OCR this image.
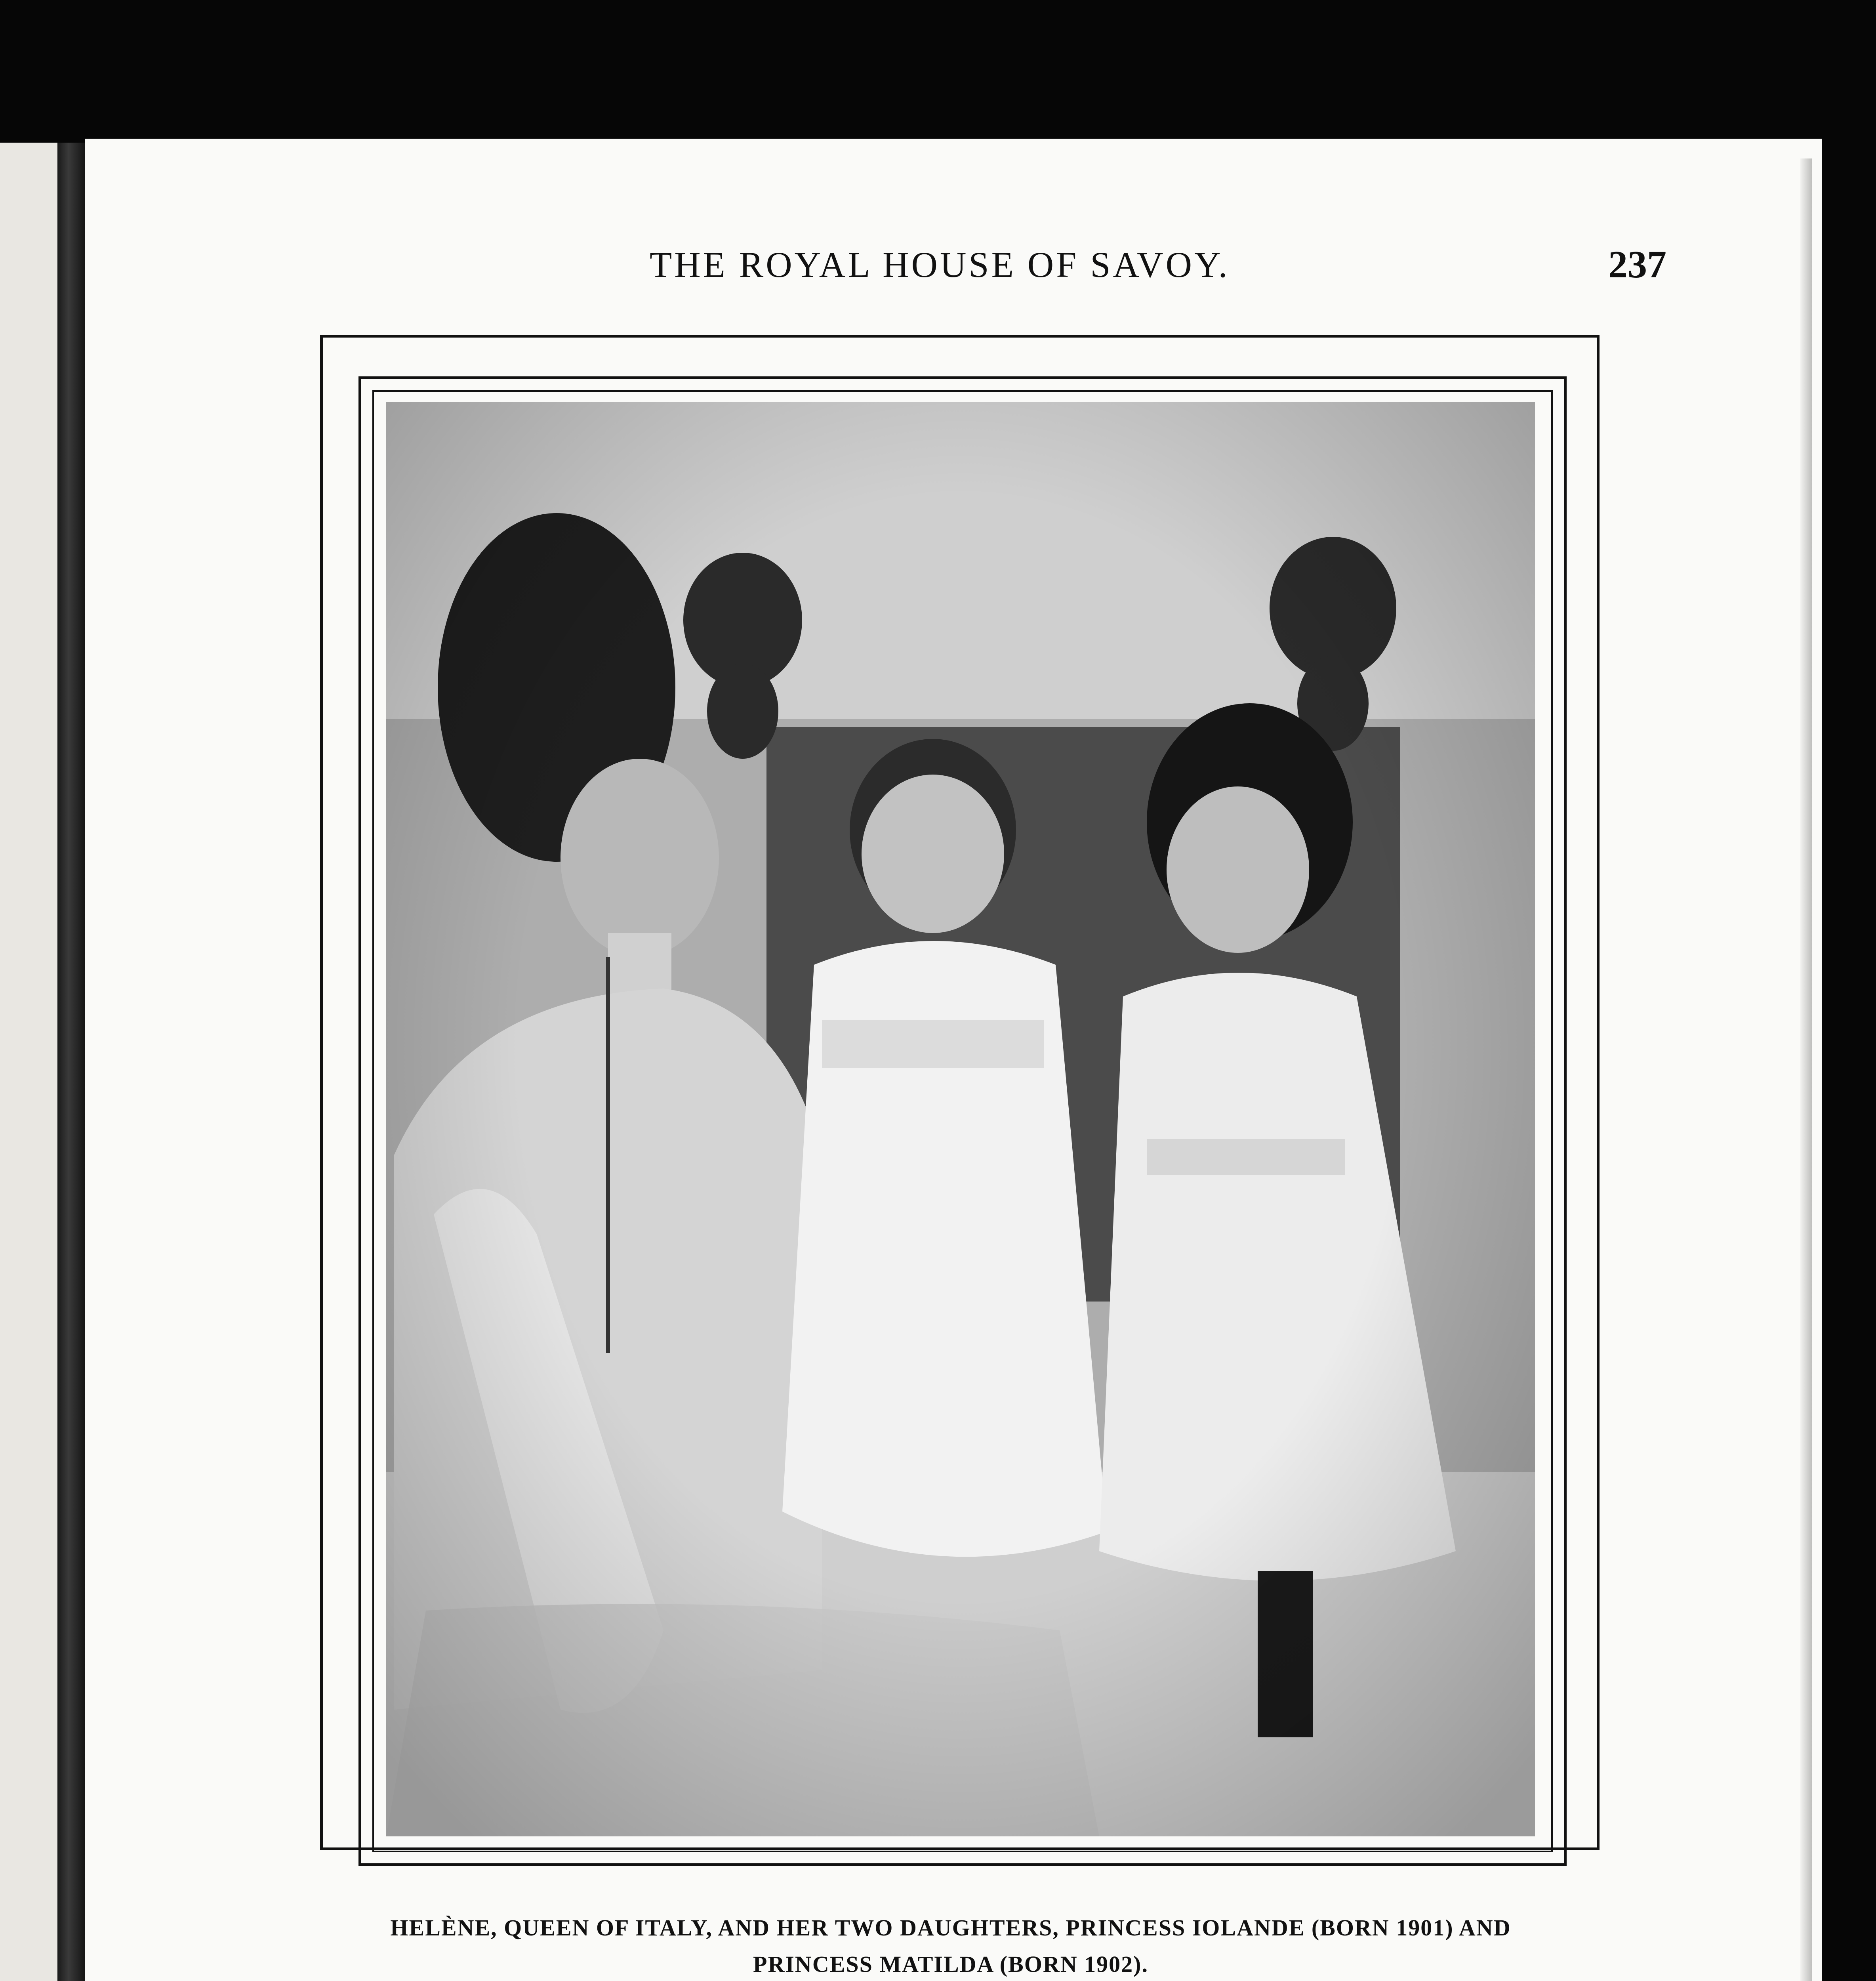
THE ROYAL HOUSE OF SAVOY.	237
HELÈNE, QUEEN OF ITALY, AND HER TWO DAUGHTERS, PRINCESS IOLANDE (BORN 1901) AND
PRINCESS MATILDA (BORN 1902).
